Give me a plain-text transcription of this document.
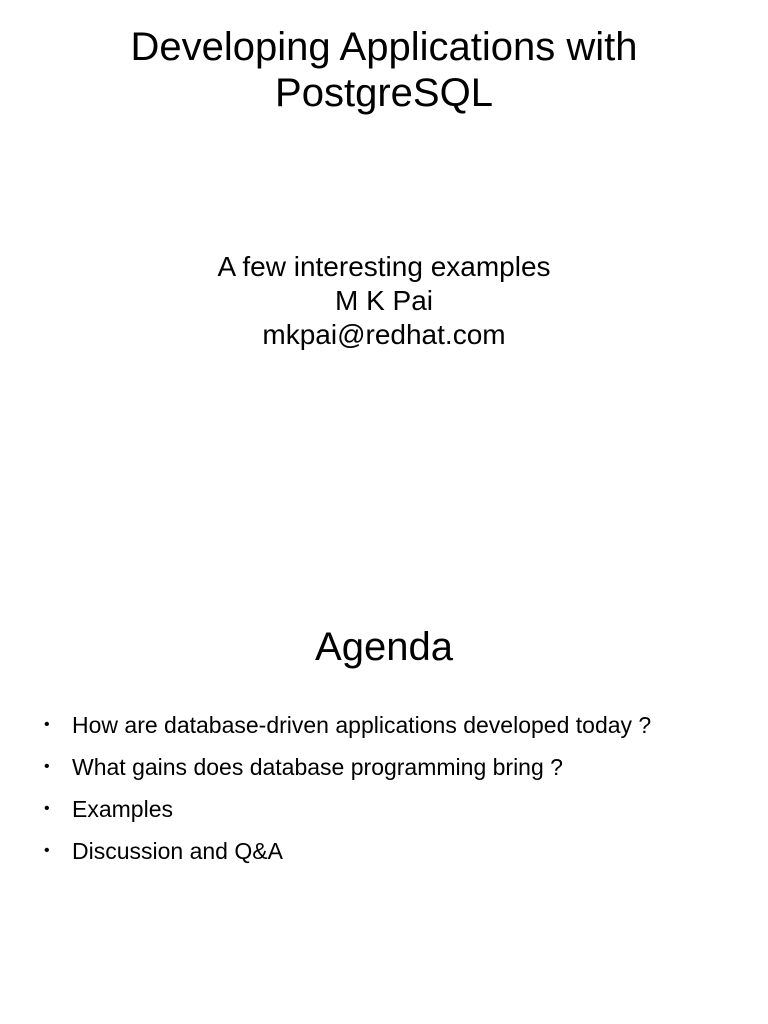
Developing Applications with
PostgreSQL
A few interesting examples
M K Pai
mkpai@redhat.com
Agenda
• How are database-driven applications developed today ?
• What gains does database programming bring ?
• Examples
• Discussion and Q&A
